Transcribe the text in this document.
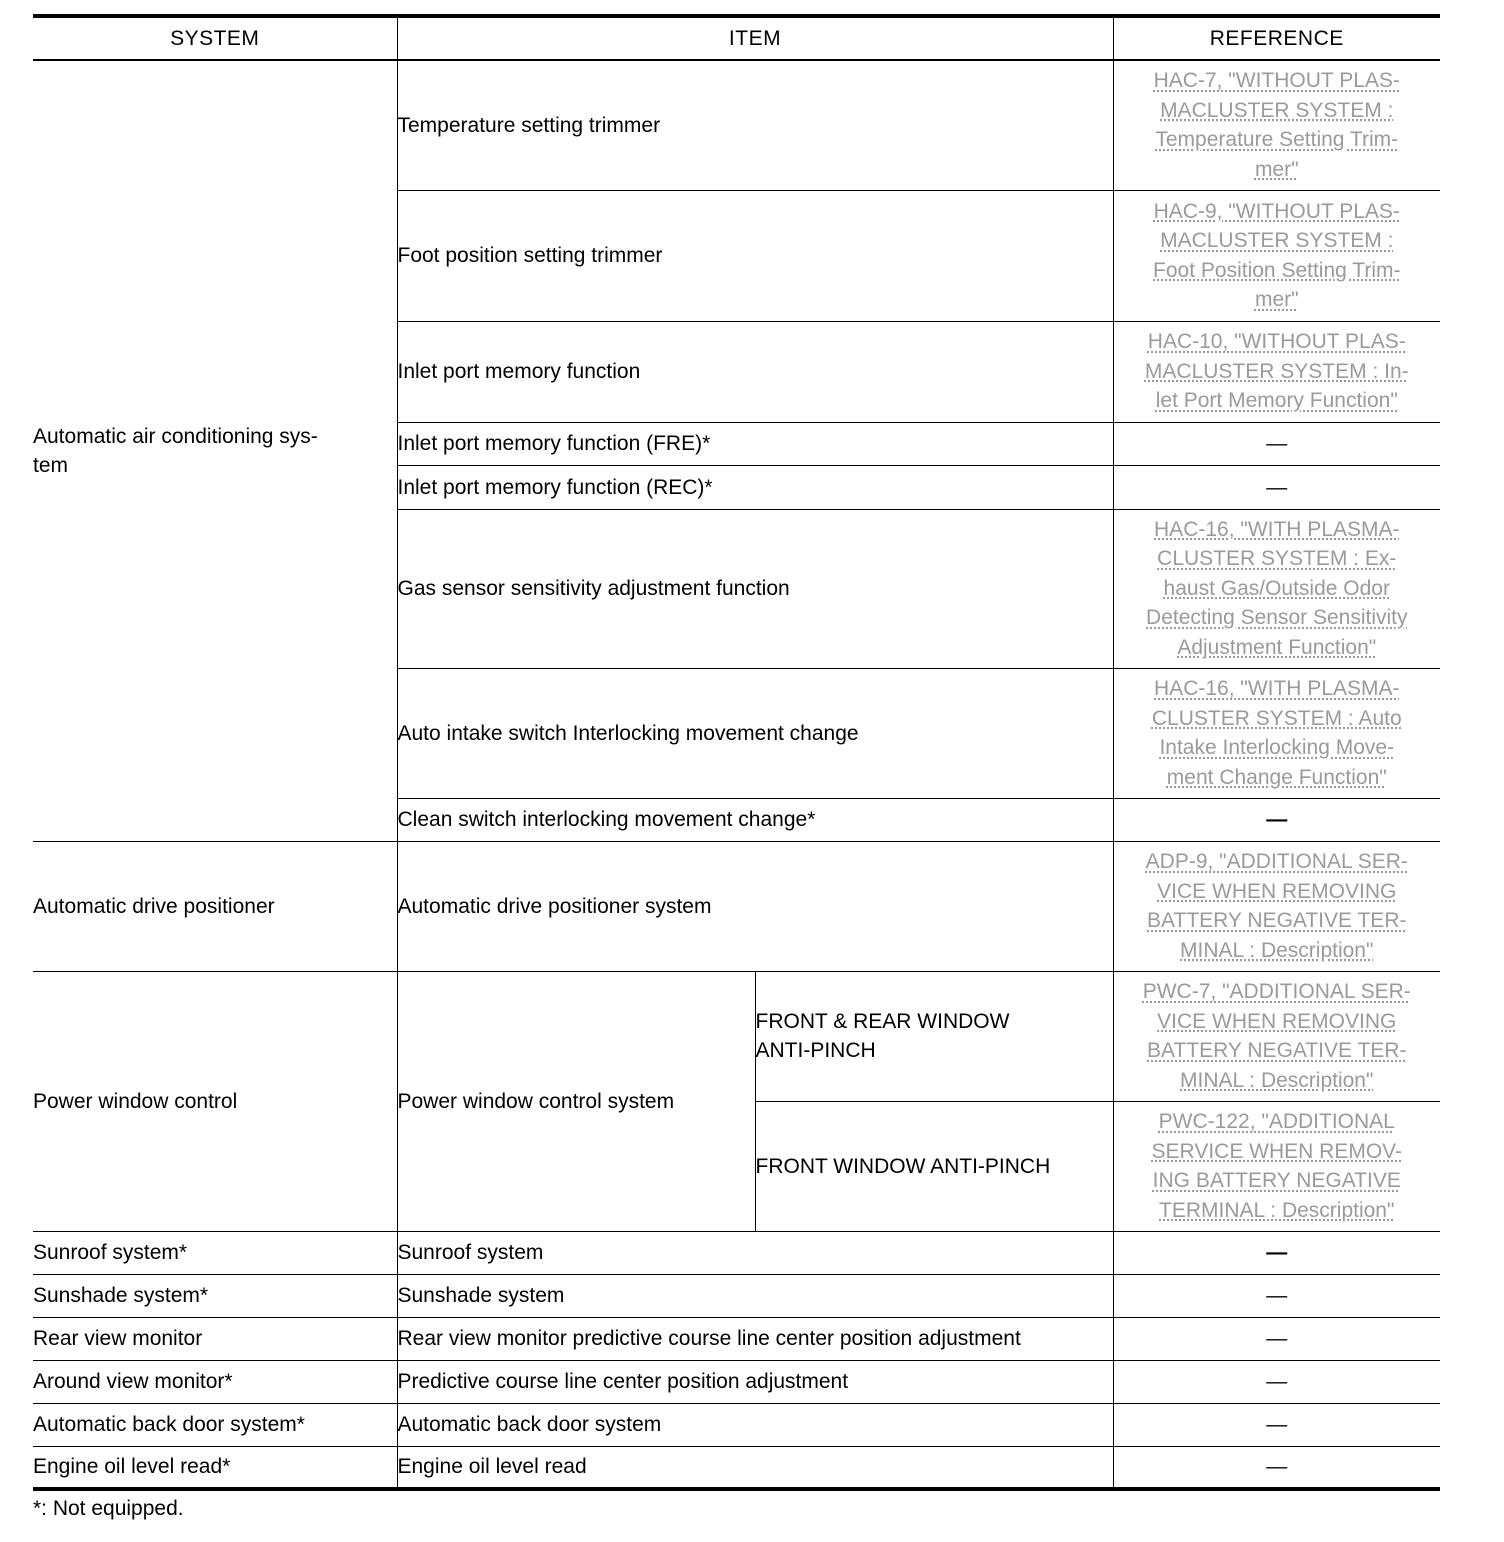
SYSTEM	ITEM		REFERENCE
Automatic air conditioning sys-
tem	Temperature setting trimmer		HAC-7, "WITHOUT PLAS-
MACLUSTER SYSTEM :
Temperature Setting Trim-
mer"
	Foot position setting trimmer		HAC-9, "WITHOUT PLAS-
MACLUSTER SYSTEM :
Foot Position Setting Trim-
mer"
	Inlet port memory function		HAC-10, "WITHOUT PLAS-
MACLUSTER SYSTEM : In-
let Port Memory Function"
	Inlet port memory function (FRE)*		—
	Inlet port memory function (REC)*		—
	Gas sensor sensitivity adjustment function		HAC-16, "WITH PLASMA-
CLUSTER SYSTEM : Ex-
haust Gas/Outside Odor
Detecting Sensor Sensitivity
Adjustment Function"
	Auto intake switch Interlocking movement change		HAC-16, "WITH PLASMA-
CLUSTER SYSTEM : Auto
Intake Interlocking Move-
ment Change Function"
	Clean switch interlocking movement change*		—
Automatic drive positioner	Automatic drive positioner system		ADP-9, "ADDITIONAL SER-
VICE WHEN REMOVING
BATTERY NEGATIVE TER-
MINAL : Description"
Power window control	Power window control system	FRONT & REAR WINDOW
ANTI-PINCH	PWC-7, "ADDITIONAL SER-
VICE WHEN REMOVING
BATTERY NEGATIVE TER-
MINAL : Description"
		FRONT WINDOW ANTI-PINCH	PWC-122, "ADDITIONAL
SERVICE WHEN REMOV-
ING BATTERY NEGATIVE
TERMINAL : Description"
Sunroof system*	Sunroof system		—
Sunshade system*	Sunshade system		—
Rear view monitor	Rear view monitor predictive course line center position adjustment		—
Around view monitor*	Predictive course line center position adjustment		—
Automatic back door system*	Automatic back door system		—
Engine oil level read*	Engine oil level read		—
*: Not equipped.
